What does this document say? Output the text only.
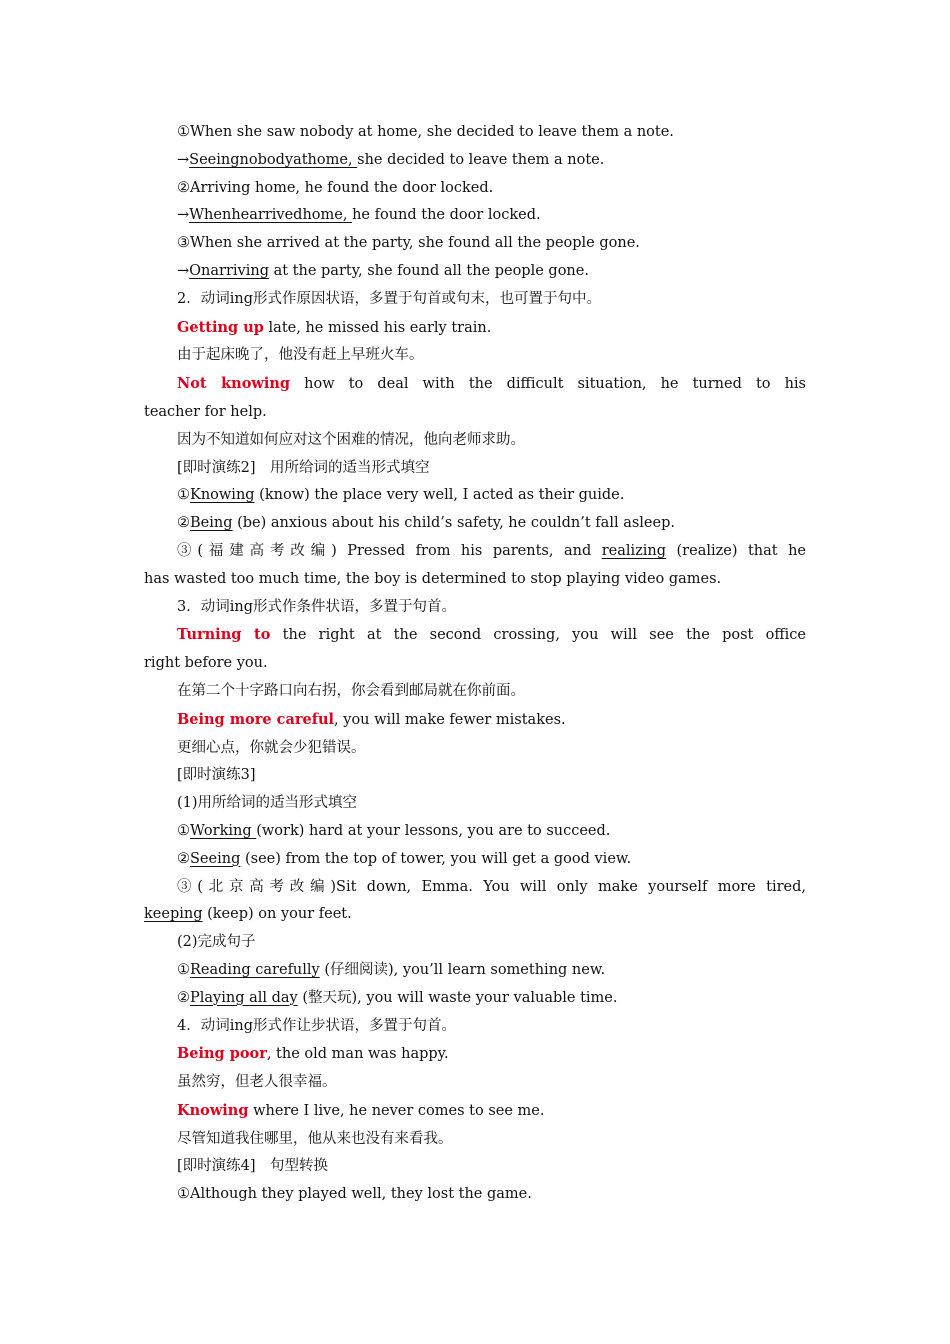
①When she saw nobody at home, she decided to leave them a note.
→Seeingnobodyathome, she decided to leave them a note.
②Arriving home, he found the door locked.
→Whenhearrivedhome, he found the door locked.
③When she arrived at the party, she found all the people gone.
→Onarriving at the party, she found all the people gone.
2．动词ing形式作原因状语，多置于句首或句末，也可置于句中。
Getting up late, he missed his early train.
由于起床晚了，他没有赶上早班火车。
Not knowing how to deal with the difficult situation, he turned to his
teacher for help.
因为不知道如何应对这个困难的情况，他向老师求助。
[即时演练2]　用所给词的适当形式填空
①Knowing (know) the place very well, I acted as their guide.
②Being (be) anxious about his child’s safety, he couldn’t fall asleep.
③(福建高考改编) Pressed from his parents, and realizing (realize) that he
has wasted too much time, the boy is determined to stop playing video games.
3．动词ing形式作条件状语，多置于句首。
Turning to the right at the second crossing, you will see the post office
right before you.
在第二个十字路口向右拐，你会看到邮局就在你前面。
Being more careful, you will make fewer mistakes.
更细心点，你就会少犯错误。
[即时演练3]
(1)用所给词的适当形式填空
①Working (work) hard at your lessons, you are to succeed.
②Seeing (see) from the top of tower, you will get a good view.
③(北京高考改编)Sit down, Emma. You will only make yourself more tired,
keeping (keep) on your feet.
(2)完成句子
①Reading carefully (仔细阅读), you’ll learn something new.
②Playing all day (整天玩), you will waste your valuable time.
4．动词ing形式作让步状语，多置于句首。
Being poor, the old man was happy.
虽然穷，但老人很幸福。
Knowing where I live, he never comes to see me.
尽管知道我住哪里，他从来也没有来看我。
[即时演练4]　句型转换
①Although they played well, they lost the game.
